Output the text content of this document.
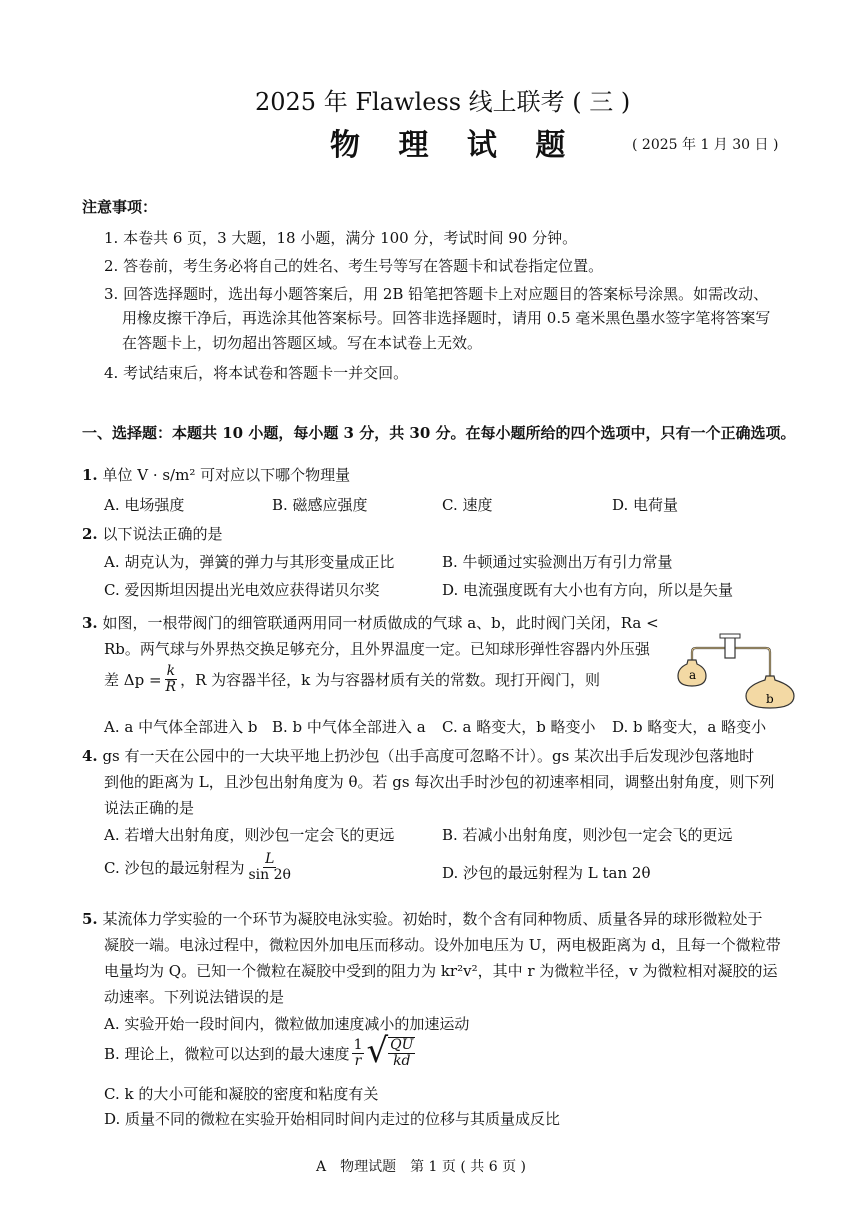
2025 年 Flawless 线上联考 ( 三 )
物 理 试 题	( 2025 年 1 月 30 日 )
注意事项：
1. 本卷共 6 页，3 大题，18 小题，满分 100 分，考试时间 90 分钟。
2. 答卷前，考生务必将自己的姓名、考生号等写在答题卡和试卷指定位置。
3. 回答选择题时，选出每小题答案后，用 2B 铅笔把答题卡上对应题目的答案标号涂黑。如需改动、
用橡皮擦干净后，再选涂其他答案标号。回答非选择题时，请用 0.5 毫米黑色墨水签字笔将答案写
在答题卡上，切勿超出答题区域。写在本试卷上无效。
4. 考试结束后，将本试卷和答题卡一并交回。
一、选择题：本题共 10 小题，每小题 3 分，共 30 分。在每小题所给的四个选项中，只有一个正确选项。
1. 单位 V · s/m² 可对应以下哪个物理量
A. 电场强度	B. 磁感应强度	C. 速度	D. 电荷量
2. 以下说法正确的是
A. 胡克认为，弹簧的弹力与其形变量成正比	B. 牛顿通过实验测出万有引力常量
C. 爱因斯坦因提出光电效应获得诺贝尔奖	D. 电流强度既有大小也有方向，所以是矢量
3. 如图，一根带阀门的细管联通两用同一材质做成的气球 a、b，此时阀门关闭，Ra <
Rb。两气球与外界热交换足够充分，且外界温度一定。已知球形弹性容器内外压强
差 $\Delta p = \frac{k}{R}$ ，R 为容器半径，k 为与容器材质有关的常数。现打开阀门，则	a
b
A. a 中气体全部进入 b B. b 中气体全部进入 a C. a 略变大，b 略变小 D. b 略变大，a 略变小
4. gs 有一天在公园中的一大块平地上扔沙包（出手高度可忽略不计）。gs 某次出手后发现沙包落地时
到他的距离为 L，且沙包出射角度为 θ。若 gs 每次出手时沙包的初速率相同，调整出射角度，则下列
说法正确的是
A. 若增大出射角度，则沙包一定会飞的更远	B. 若减小出射角度，则沙包一定会飞的更远
C. 沙包的最远射程为 $\frac{L}{\sin 2\theta}$	D. 沙包的最远射程为 L tan 2θ
5. 某流体力学实验的一个环节为凝胶电泳实验。初始时，数个含有同种物质、质量各异的球形微粒处于
凝胶一端。电泳过程中，微粒因外加电压而移动。设外加电压为 U，两电极距离为 d，且每一个微粒带
电量均为 Q。已知一个微粒在凝胶中受到的阻力为 kr²v²，其中 r 为微粒半径，v 为微粒相对凝胶的运
动速率。下列说法错误的是
A. 实验开始一段时间内，微粒做加速度减小的加速运动
B. 理论上，微粒可以达到的最大速度 $\frac{1}{r}$ √ $\frac{QU}{kd}$
C. k 的大小可能和凝胶的密度和粘度有关
D. 质量不同的微粒在实验开始相同时间内走过的位移与其质量成反比
A　物理试题　第 1 页 ( 共 6 页 )
